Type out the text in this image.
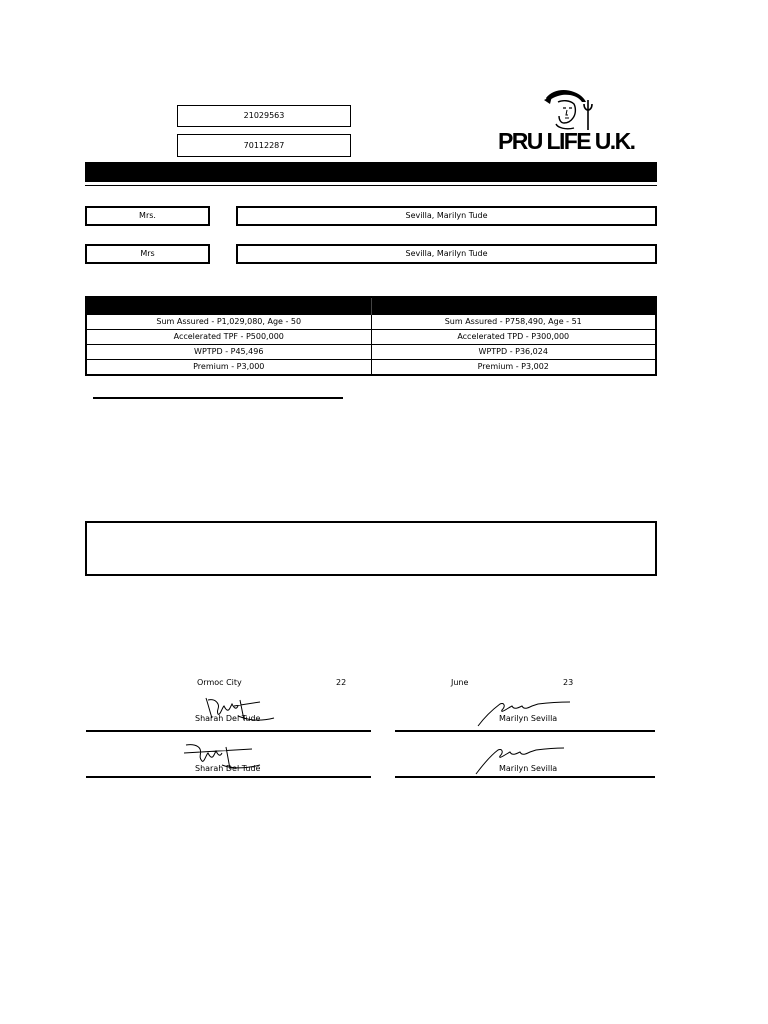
21029563
70112287	PRU LIFE U.K.
Mrs.	Sevilla, Marilyn Tude
Mrs	Sevilla, Marilyn Tude

Sum Assured - P1,029,080, Age - 50	Sum Assured - P758,490, Age - 51
Accelerated TPF - P500,000	Accelerated TPD - P300,000
WPTPD - P45,496	WPTPD - P36,024
Premium - P3,000	Premium - P3,002
Ormoc City	22	June	23
Sharah Del Tude	Marilyn Sevilla
Sharah Del Tude	Marilyn Sevilla
